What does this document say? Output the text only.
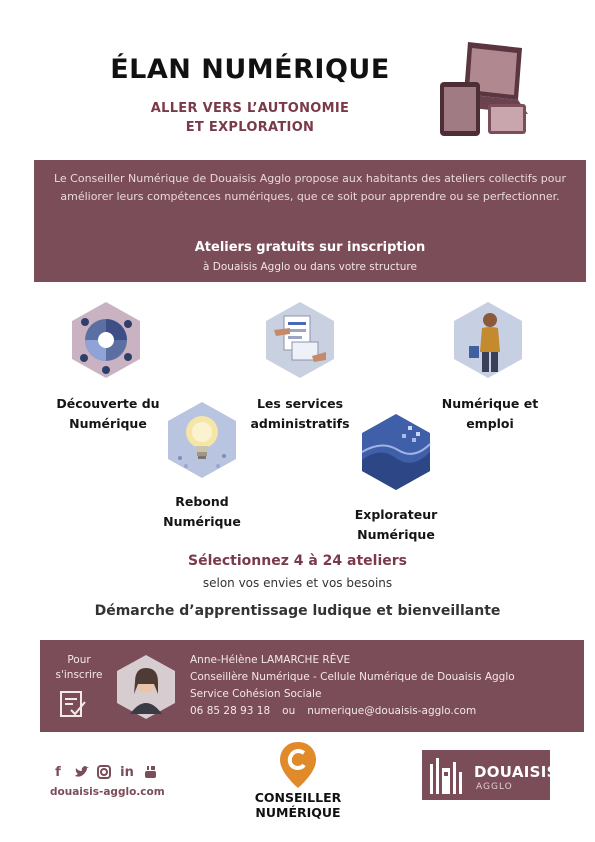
ÉLAN NUMÉRIQUE
ALLER VERS L’AUTONOMIE
ET EXPLORATION
Le Conseiller Numérique de Douaisis Agglo propose aux habitants des ateliers collectifs pour améliorer leurs compétences numériques, que ce soit pour apprendre ou se perfectionner.
Ateliers gratuits sur inscription
à Douaisis Agglo ou dans votre structure
Découverte du
Numérique
Les services
administratifs
Numérique et
emploi
Rebond
Numérique	Explorateur
Numérique
Sélectionnez 4 à 24 ateliers
selon vos envies et vos besoins
Démarche d’apprentissage ludique et bienveillante
Pour
s'inscrire
Anne-Hélène LAMARCHE RÊVE
Conseillère Numérique - Cellule Numérique de Douaisis Agglo
Service Cohésion Sociale
06 85 28 93 18 ou numerique@douaisis-agglo.com
f	in
douaisis-agglo.com	CONSEILLER
NUMÉRIQUE
DOUAISIS
AGGLO
